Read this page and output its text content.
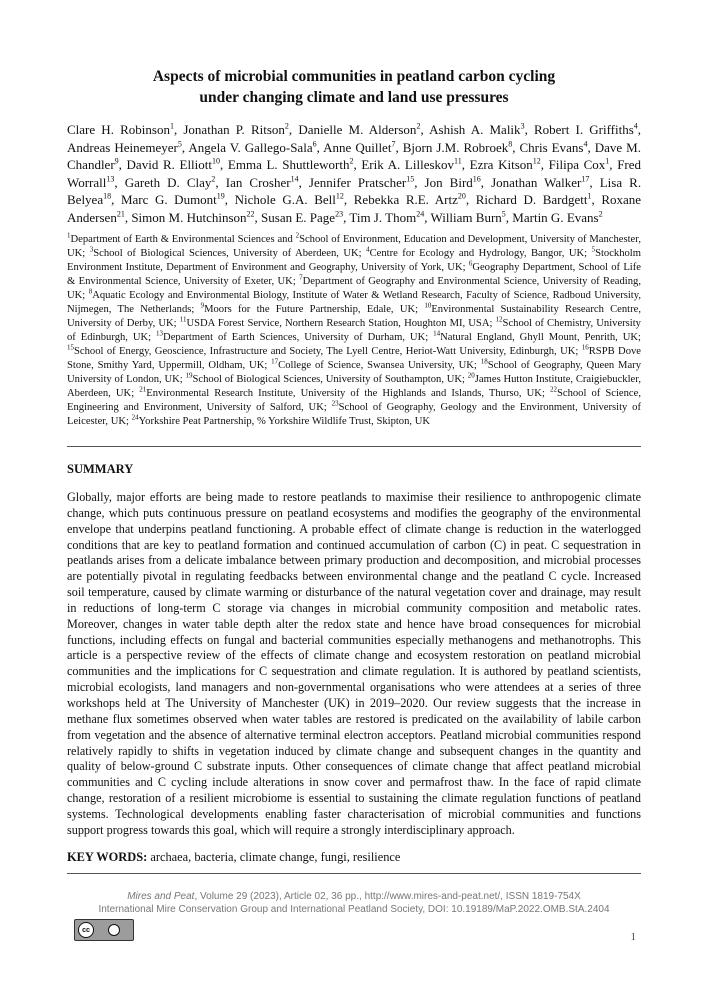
Aspects of microbial communities in peatland carbon cycling
under changing climate and land use pressures
Clare H. Robinson$^1$, Jonathan P. Ritson$^2$, Danielle M. Alderson$^2$, Ashish A. Malik$^3$, Robert I. Griffiths$^4$, Andreas Heinemeyer$^5$, Angela V. Gallego-Sala$^6$, Anne Quillet$^7$, Bjorn J.M. Robroek$^8$, Chris Evans$^4$, Dave M. Chandler$^9$, David R. Elliott$^{10}$, Emma L. Shuttleworth$^2$, Erik A. Lilleskov$^{11}$, Ezra Kitson$^{12}$, Filipa Cox$^1$, Fred Worrall$^{13}$, Gareth D. Clay$^2$, Ian Crosher$^{14}$, Jennifer Pratscher$^{15}$, Jon Bird$^{16}$, Jonathan Walker$^{17}$, Lisa R. Belyea$^{18}$, Marc G. Dumont$^{19}$, Nichole G.A. Bell$^{12}$, Rebekka R.E. Artz$^{20}$, Richard D. Bardgett$^1$, Roxane Andersen$^{21}$, Simon M. Hutchinson$^{22}$, Susan E. Page$^{23}$, Tim J. Thom$^{24}$, William Burn$^5$, Martin G. Evans$^2$
$^1$Department of Earth & Environmental Sciences and $^2$School of Environment, Education and Development, University of Manchester, UK; $^3$School of Biological Sciences, University of Aberdeen, UK; $^4$Centre for Ecology and Hydrology, Bangor, UK; $^5$Stockholm Environment Institute, Department of Environment and Geography, University of York, UK; $^6$Geography Department, School of Life & Environmental Science, University of Exeter, UK; $^7$Department of Geography and Environmental Science, University of Reading, UK; $^8$Aquatic Ecology and Environmental Biology, Institute of Water & Wetland Research, Faculty of Science, Radboud University, Nijmegen, The Netherlands; $^9$Moors for the Future Partnership, Edale, UK; $^{10}$Environmental Sustainability Research Centre, University of Derby, UK; $^{11}$USDA Forest Service, Northern Research Station, Houghton MI, USA; $^{12}$School of Chemistry, University of Edinburgh, UK; $^{13}$Department of Earth Sciences, University of Durham, UK; $^{14}$Natural England, Ghyll Mount, Penrith, UK; $^{15}$School of Energy, Geoscience, Infrastructure and Society, The Lyell Centre, Heriot-Watt University, Edinburgh, UK; $^{16}$RSPB Dove Stone, Smithy Yard, Uppermill, Oldham, UK; $^{17}$College of Science, Swansea University, UK; $^{18}$School of Geography, Queen Mary University of London, UK; $^{19}$School of Biological Sciences, University of Southampton, UK; $^{20}$James Hutton Institute, Craigiebuckler, Aberdeen, UK; $^{21}$Environmental Research Institute, University of the Highlands and Islands, Thurso, UK; $^{22}$School of Science, Engineering and Environment, University of Salford, UK; $^{23}$School of Geography, Geology and the Environment, University of Leicester, UK; $^{24}$Yorkshire Peat Partnership, % Yorkshire Wildlife Trust, Skipton, UK
SUMMARY

Globally, major efforts are being made to restore peatlands to maximise their resilience to anthropogenic climate change, which puts continuous pressure on peatland ecosystems and modifies the geography of the environmental envelope that underpins peatland functioning. A probable effect of climate change is reduction in the waterlogged conditions that are key to peatland formation and continued accumulation of carbon (C) in peat. C sequestration in peatlands arises from a delicate imbalance between primary production and decomposition, and microbial processes are potentially pivotal in regulating feedbacks between environmental change and the peatland C cycle. Increased soil temperature, caused by climate warming or disturbance of the natural vegetation cover and drainage, may result in reductions of long-term C storage via changes in microbial community composition and metabolic rates. Moreover, changes in water table depth alter the redox state and hence have broad consequences for microbial functions, including effects on fungal and bacterial communities especially methanogens and methanotrophs. This article is a perspective review of the effects of climate change and ecosystem restoration on peatland microbial communities and the implications for C sequestration and climate regulation. It is authored by peatland scientists, microbial ecologists, land managers and non-governmental organisations who were attendees at a series of three workshops held at The University of Manchester (UK) in 2019–2020. Our review suggests that the increase in methane flux sometimes observed when water tables are restored is predicated on the availability of labile carbon from vegetation and the absence of alternative terminal electron acceptors. Peatland microbial communities respond relatively rapidly to shifts in vegetation induced by climate change and subsequent changes in the quantity and quality of below-ground C substrate inputs. Other consequences of climate change that affect peatland microbial communities and C cycling include alterations in snow cover and permafrost thaw. In the face of rapid climate change, restoration of a resilient microbiome is essential to sustaining the climate regulation functions of peatland systems. Technological developments enabling faster characterisation of microbial communities and functions support progress towards this goal, which will require a strongly interdisciplinary approach.

KEY WORDS: archaea, bacteria, climate change, fungi, resilience
Mires and Peat, Volume 29 (2023), Article 02, 36 pp., http://www.mires-and-peat.net/, ISSN 1819-754X
International Mire Conservation Group and International Peatland Society, DOI: 10.19189/MaP.2022.OMB.StA.2404
cc
1
